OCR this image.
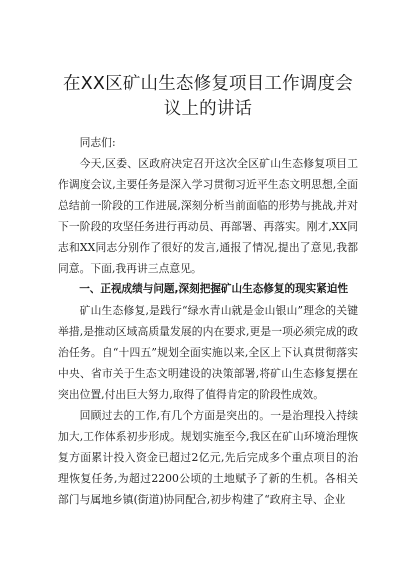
在XX区矿山生态修复项目工作调度会议上的讲话

同志们:

今天,区委、区政府决定召开这次全区矿山生态修复项目工作调度会议,主要任务是深入学习贯彻习近平生态文明思想,全面总结前一阶段的工作进展,深刻分析当前面临的形势与挑战,并对下一阶段的攻坚任务进行再动员、再部署、再落实。刚才,XX同志和XX同志分别作了很好的发言,通报了情况,提出了意见,我都同意。下面,我再讲三点意见。

一、正视成绩与问题,深刻把握矿山生态修复的现实紧迫性

矿山生态修复,是践行“绿水青山就是金山银山”理念的关键举措,是推动区域高质量发展的内在要求,更是一项必须完成的政治任务。自“十四五”规划全面实施以来,全区上下认真贯彻落实中央、省市关于生态文明建设的决策部署,将矿山生态修复摆在突出位置,付出巨大努力,取得了值得肯定的阶段性成效。

回顾过去的工作,有几个方面是突出的。一是治理投入持续加大,工作体系初步形成。规划实施至今,我区在矿山环境治理恢复方面累计投入资金已超过2亿元,先后完成多个重点项目的治理恢复任务,为超过2200公顷的土地赋予了新的生机。各相关部门与属地乡镇(街道)协同配合,初步构建了“政府主导、企业
